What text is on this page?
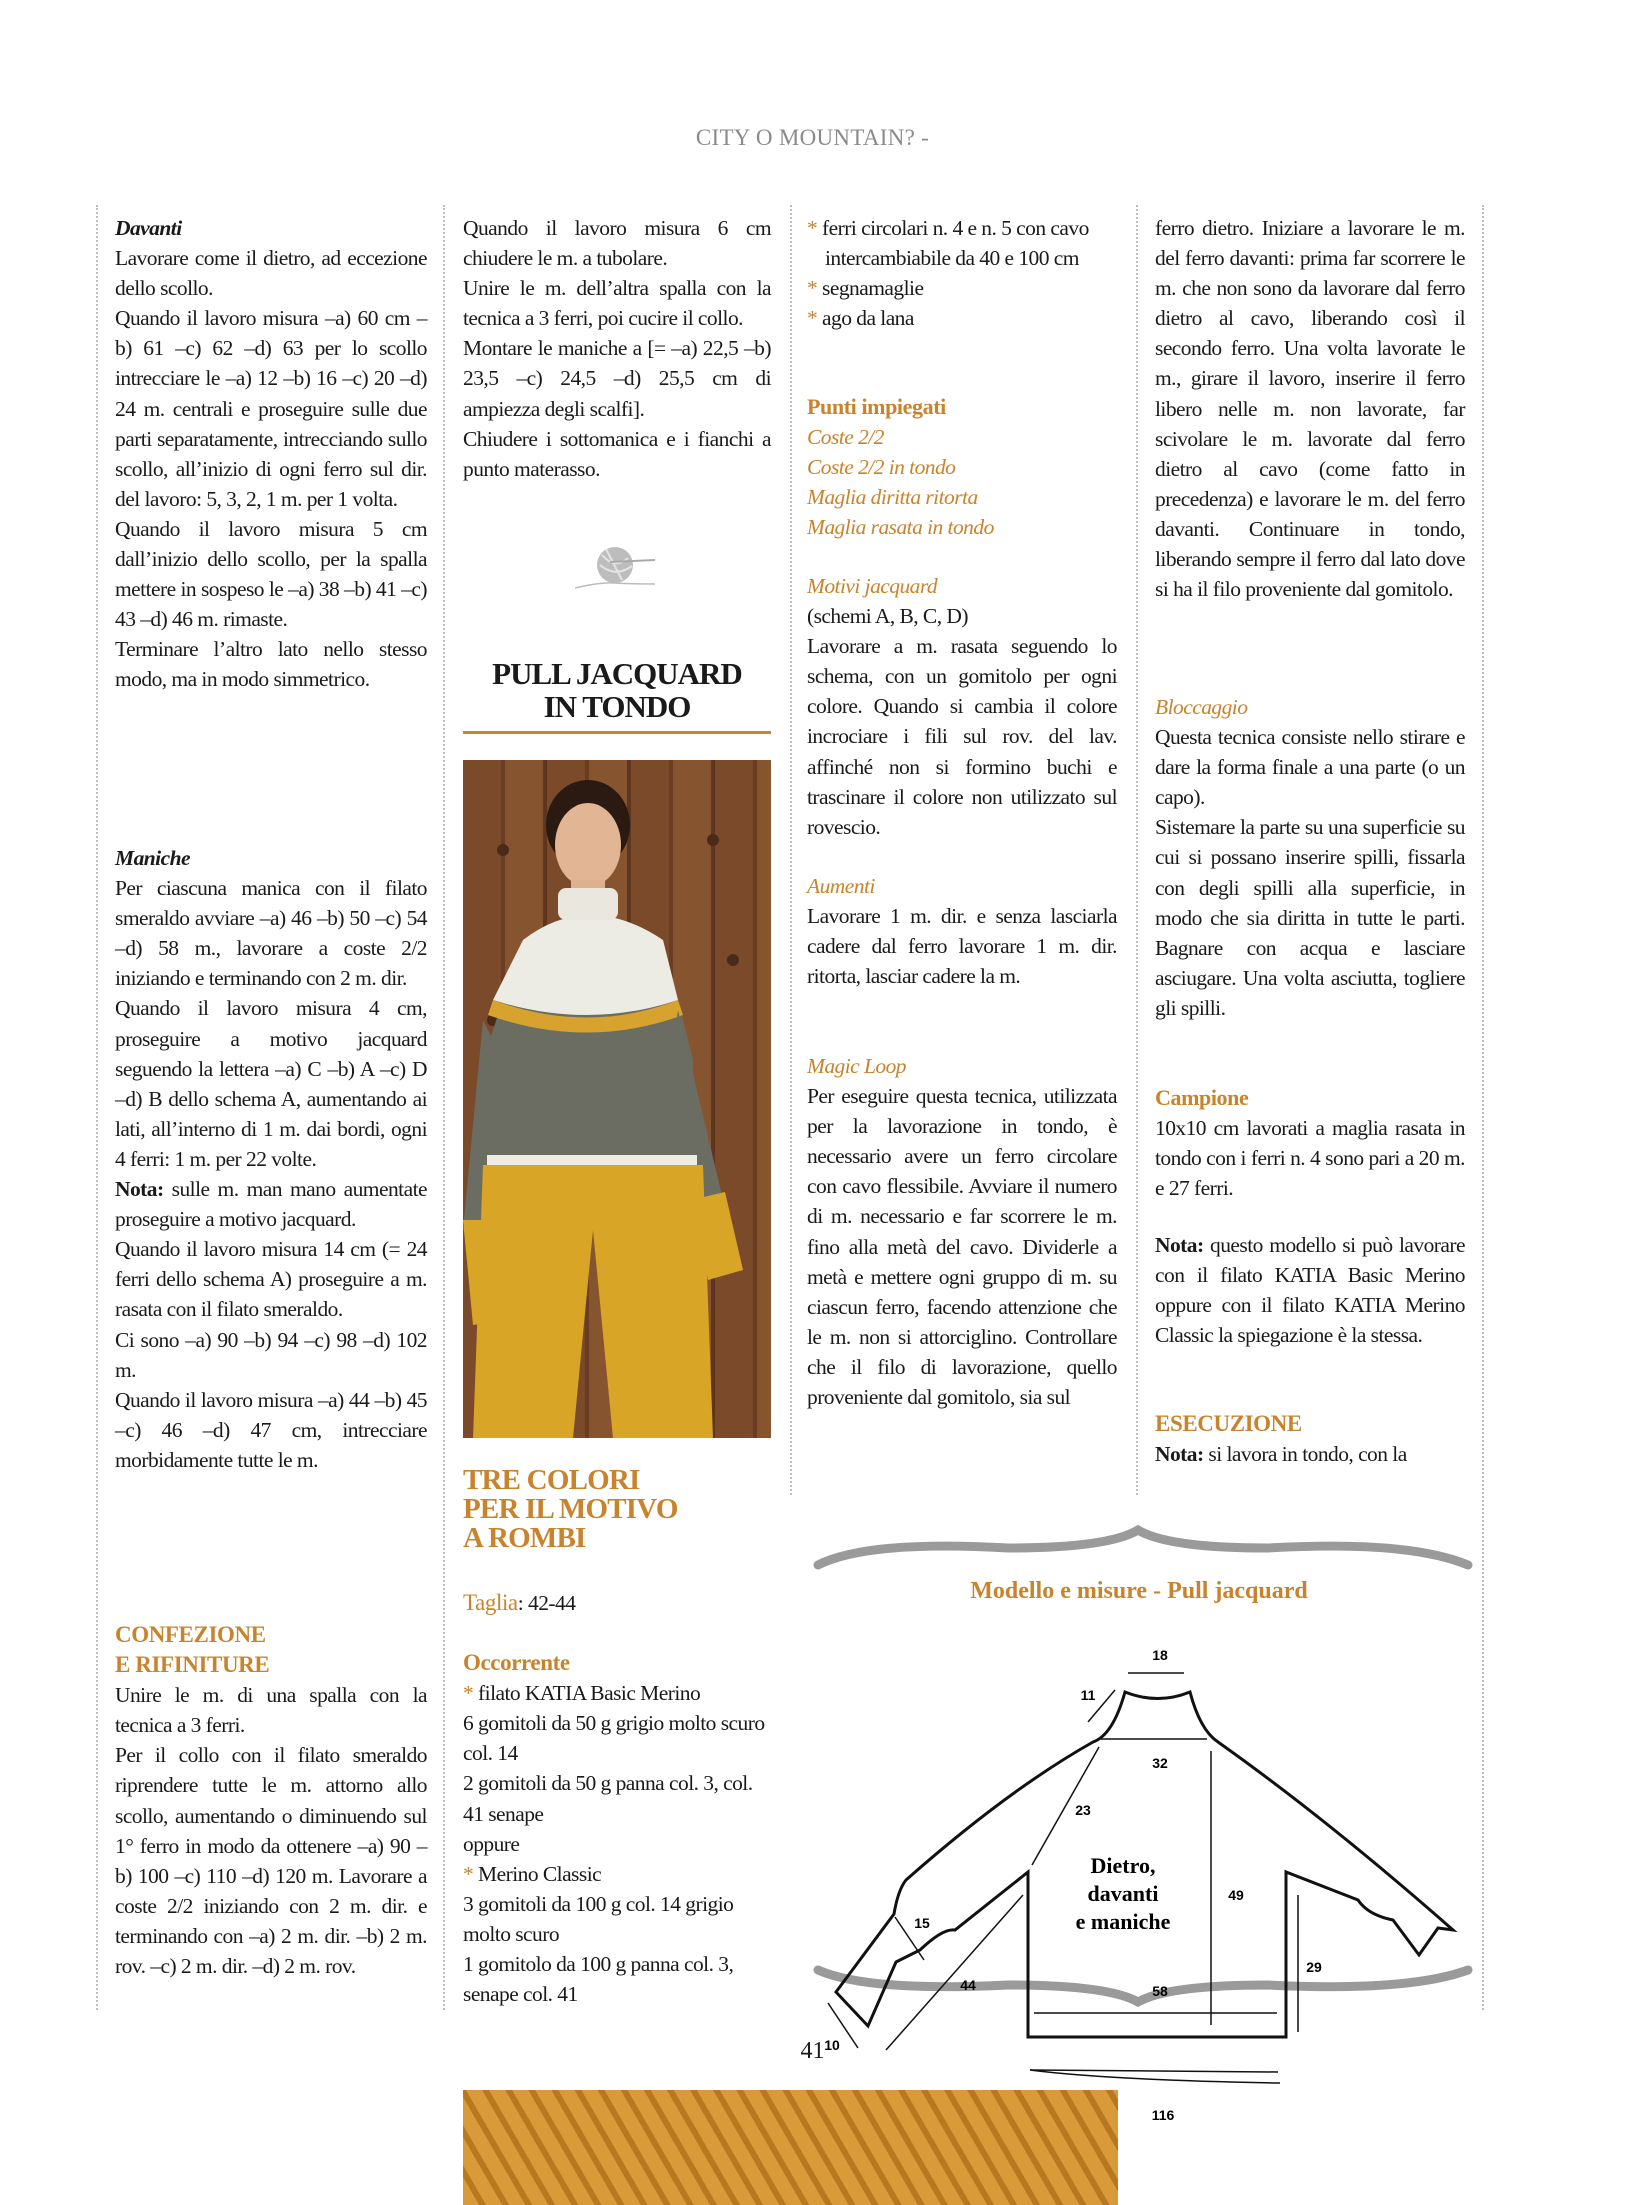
CITY O MOUNTAIN? -

Davanti

Lavorare come il dietro, ad eccezione dello scollo.

Quando il lavoro misura –a) 60 cm –b) 61 –c) 62 –d) 63 per lo scollo intrecciare le –a) 12 –b) 16 –c) 20 –d) 24 m. centrali e proseguire sulle due parti separatamente, intrecciando sullo scollo, all’inizio di ogni ferro sul dir. del lavoro: 5, 3, 2, 1 m. per 1 volta.

Quando il lavoro misura 5 cm dall’inizio dello scollo, per la spalla mettere in sospeso le –a) 38 –b) 41 –c) 43 –d) 46 m. rimaste.

Terminare l’altro lato nello stesso modo, ma in modo simmetrico.

Maniche

Per ciascuna manica con il filato smeraldo avviare –a) 46 –b) 50 –c) 54 –d) 58 m., lavorare a coste 2/2 iniziando e terminando con 2 m. dir.

Quando il lavoro misura 4 cm, proseguire a motivo jacquard seguendo la lettera –a) C –b) A –c) D –d) B dello schema A, aumentando ai lati, all’interno di 1 m. dai bordi, ogni 4 ferri: 1 m. per 22 volte.

Nota: sulle m. man mano aumentate proseguire a motivo jacquard.

Quando il lavoro misura 14 cm (= 24 ferri dello schema A) proseguire a m. rasata con il filato smeraldo.

Ci sono –a) 90 –b) 94 –c) 98 –d) 102 m.

Quando il lavoro misura –a) 44 –b) 45 –c) 46 –d) 47 cm, intrecciare morbidamente tutte le m.

CONFEZIONE

E RIFINITURE

Unire le m. di una spalla con la tecnica a 3 ferri.

Per il collo con il filato smeraldo riprendere tutte le m. attorno allo scollo, aumentando o diminuendo sul 1° ferro in modo da ottenere –a) 90 –b) 100 –c) 110 –d) 120 m. Lavorare a coste 2/2 iniziando con 2 m. dir. e terminando con –a) 2 m. dir. –b) 2 m. rov. –c) 2 m. dir. –d) 2 m. rov.

Quando il lavoro misura 6 cm chiudere le m. a tubolare.

Unire le m. dell’altra spalla con la tecnica a 3 ferri, poi cucire il collo.

Montare le maniche a [= –a) 22,5 –b) 23,5 –c) 24,5 –d) 25,5 cm di ampiezza degli scalfi].

Chiudere i sottomanica e i fianchi a punto materasso.

PULL JACQUARD
IN TONDO
TRE COLORI
PER IL MOTIVO
A ROMBI

Taglia: 42-44

Occorrente

* filato KATIA Basic Merino

6 gomitoli da 50 g grigio molto scuro col. 14

2 gomitoli da 50 g panna col. 3, col. 41 senape

oppure

* Merino Classic

3 gomitoli da 100 g col. 14 grigio molto scuro

1 gomitolo da 100 g panna col. 3, senape col. 41

* ferri circolari n. 4 e n. 5 con cavo intercambiabile da 40 e 100 cm

* segnamaglie

* ago da lana

Punti impiegati

Coste 2/2

Coste 2/2 in tondo

Maglia diritta ritorta

Maglia rasata in tondo

Motivi jacquard

(schemi A, B, C, D)

Lavorare a m. rasata seguendo lo schema, con un gomitolo per ogni colore. Quando si cambia il colore incrociare i fili sul rov. del lav. affinché non si formino buchi e trascinare il colore non utilizzato sul rovescio.

Aumenti

Lavorare 1 m. dir. e senza lasciarla cadere dal ferro lavorare 1 m. dir. ritorta, lasciar cadere la m.

Magic Loop

Per eseguire questa tecnica, utilizzata per la lavorazione in tondo, è necessario avere un ferro circolare con cavo flessibile. Avviare il numero di m. necessario e far scorrere le m. fino alla metà del cavo. Dividerle a metà e mettere ogni gruppo di m. su ciascun ferro, facendo attenzione che le m. non si attorciglino. Controllare che il filo di lavorazione, quello proveniente dal gomitolo, sia sul

ferro dietro. Iniziare a lavorare le m. del ferro davanti: prima far scorrere le m. che non sono da lavorare dal ferro dietro al cavo, liberando così il secondo ferro. Una volta lavorate le m., girare il lavoro, inserire il ferro libero nelle m. non lavorate, far scivolare le m. lavorate dal ferro dietro al cavo (come fatto in precedenza) e lavorare le m. del ferro davanti. Continuare in tondo, liberando sempre il ferro dal lato dove si ha il filo proveniente dal gomitolo.

Bloccaggio

Questa tecnica consiste nello stirare e dare la forma finale a una parte (o un capo).

Sistemare la parte su una superficie su cui si possano inserire spilli, fissarla con degli spilli alla superficie, in modo che sia diritta in tutte le parti. Bagnare con acqua e lasciare asciugare. Una volta asciutta, togliere gli spilli.

Campione

10x10 cm lavorati a maglia rasata in tondo con i ferri n. 4 sono pari a 20 m. e 27 ferri.

Nota: questo modello si può lavorare con il filato KATIA Basic Merino oppure con il filato KATIA Merino Classic la spiegazione è la stessa.

ESECUZIONE

Nota: si lavora in tondo, con la

Modello e misure - Pull jacquard
18
11
32
23
49
29
58
116
44
15
10
Dietro,
davanti
e maniche
41
